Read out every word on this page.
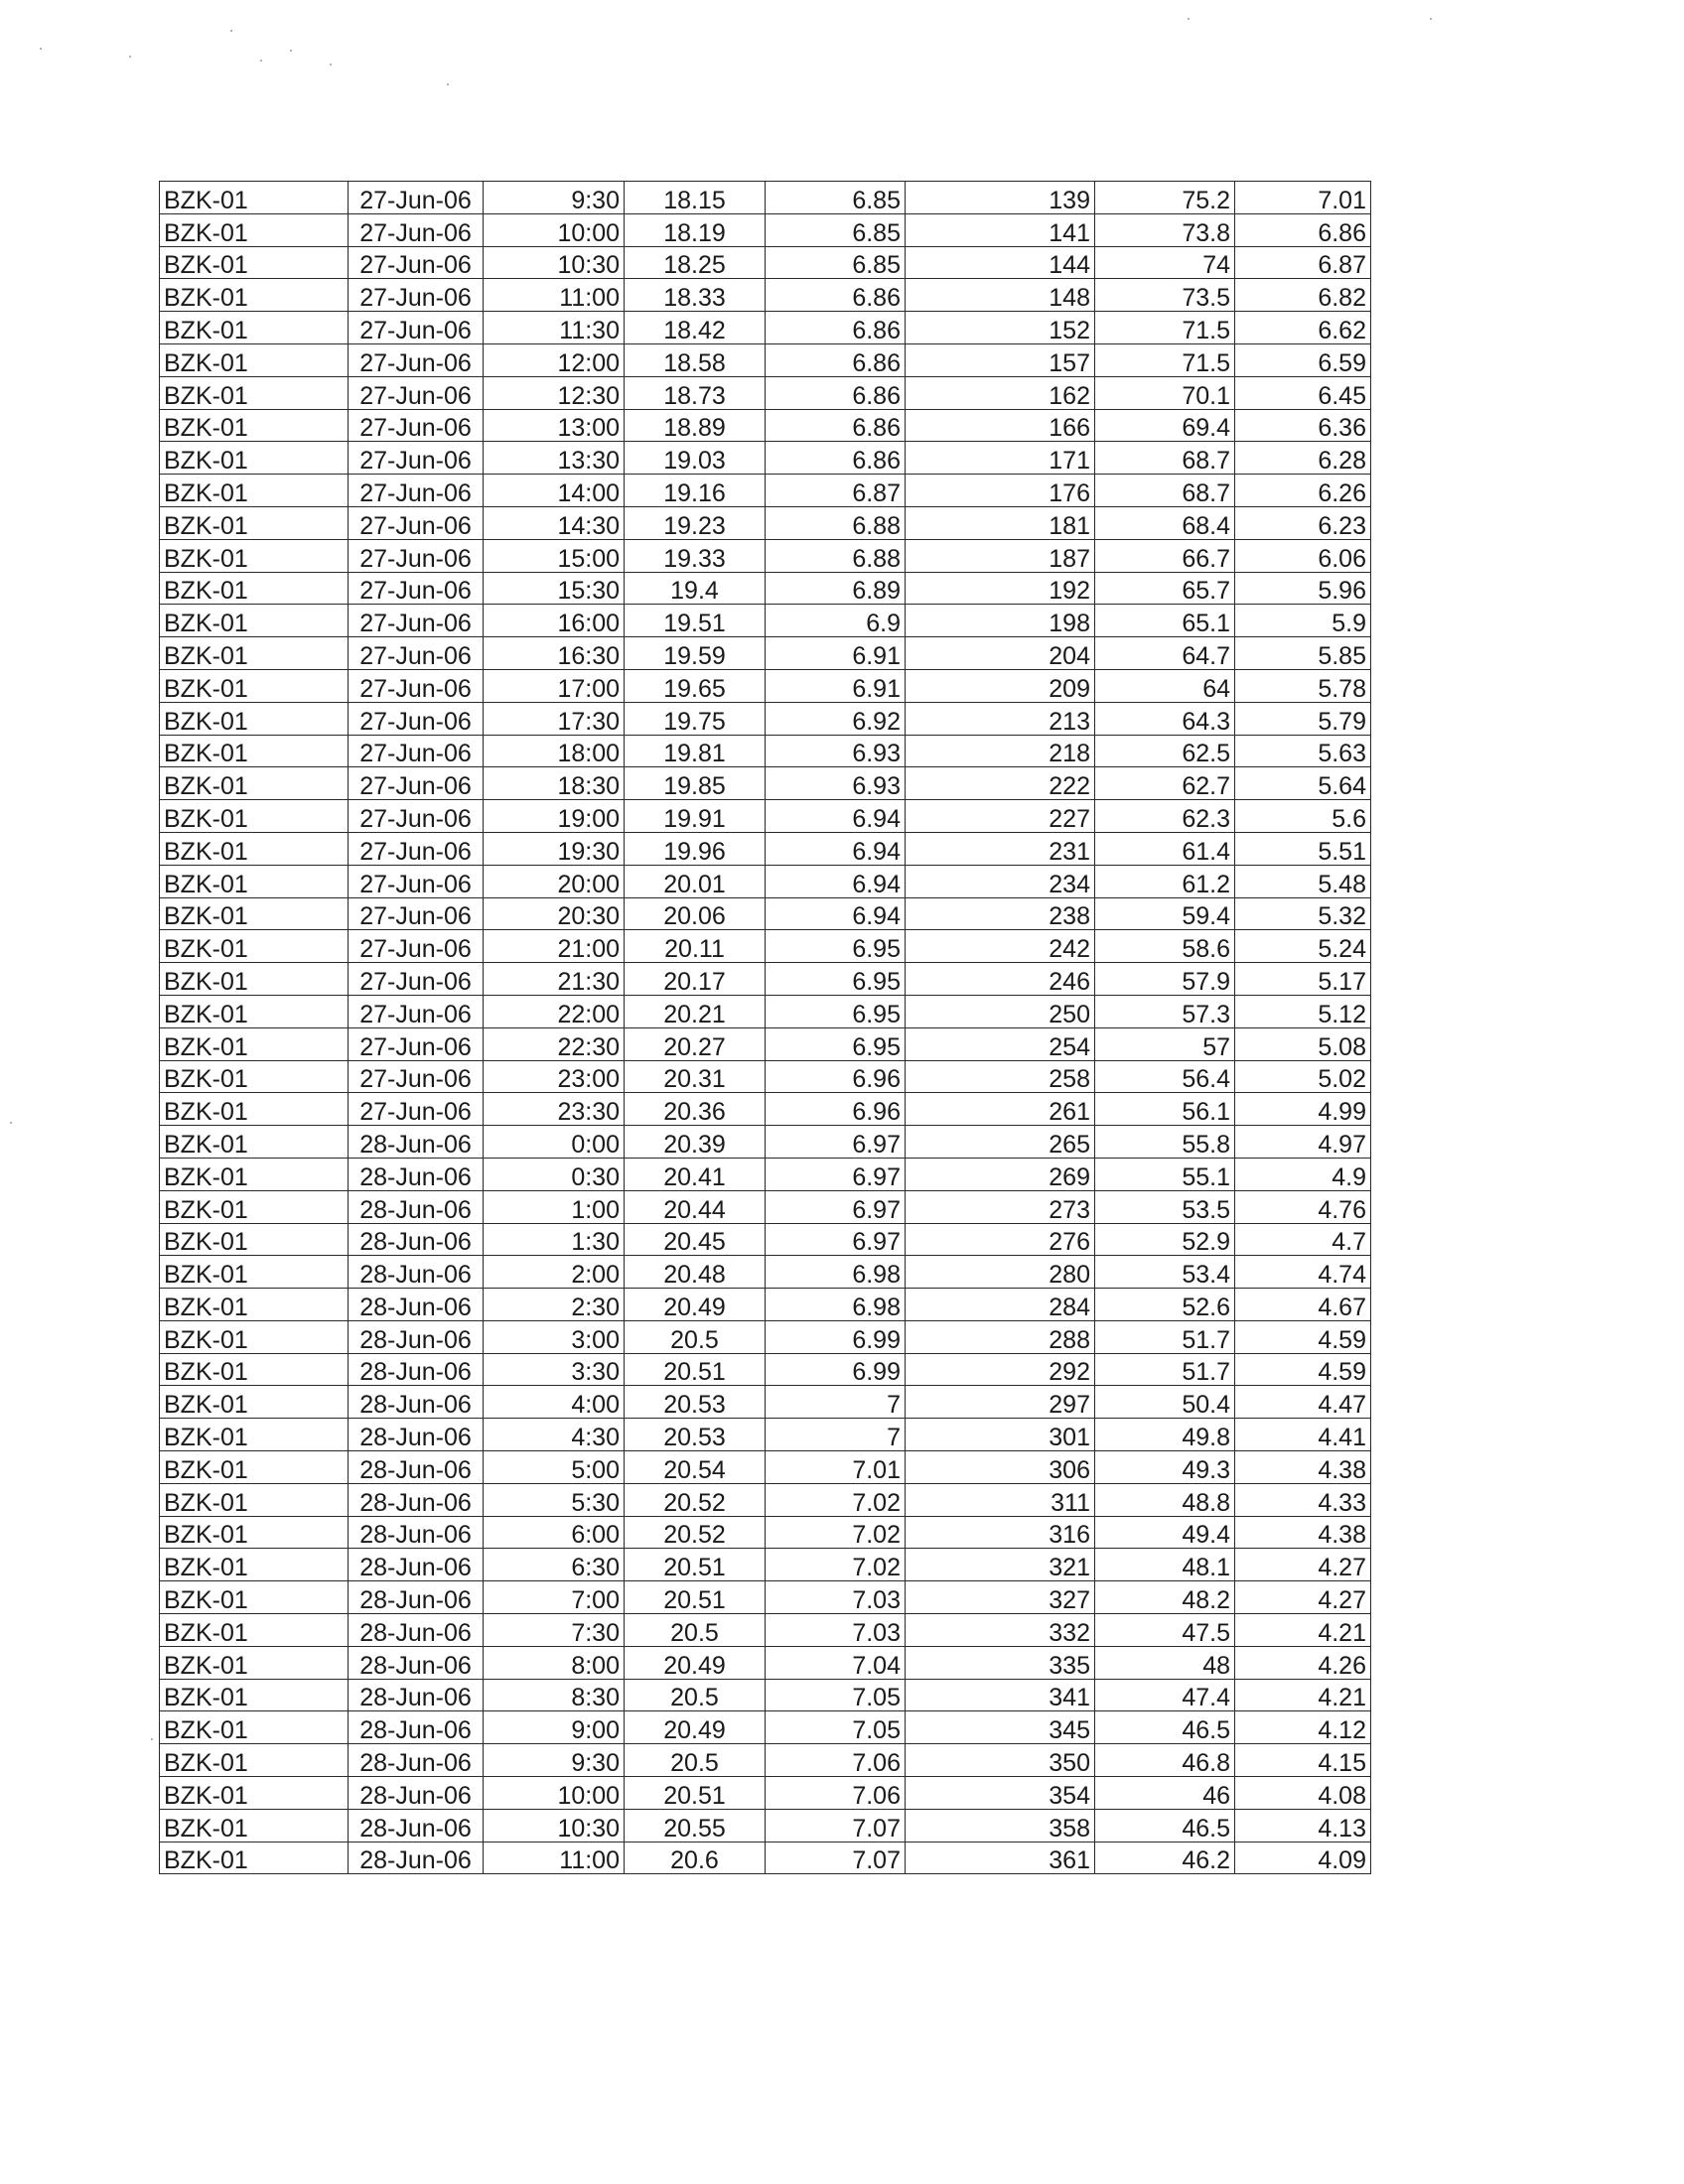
BZK-01	27-Jun-06	9:30	18.15	6.85	139	75.2	7.01
BZK-01	27-Jun-06	10:00	18.19	6.85	141	73.8	6.86
BZK-01	27-Jun-06	10:30	18.25	6.85	144	74	6.87
BZK-01	27-Jun-06	11:00	18.33	6.86	148	73.5	6.82
BZK-01	27-Jun-06	11:30	18.42	6.86	152	71.5	6.62
BZK-01	27-Jun-06	12:00	18.58	6.86	157	71.5	6.59
BZK-01	27-Jun-06	12:30	18.73	6.86	162	70.1	6.45
BZK-01	27-Jun-06	13:00	18.89	6.86	166	69.4	6.36
BZK-01	27-Jun-06	13:30	19.03	6.86	171	68.7	6.28
BZK-01	27-Jun-06	14:00	19.16	6.87	176	68.7	6.26
BZK-01	27-Jun-06	14:30	19.23	6.88	181	68.4	6.23
BZK-01	27-Jun-06	15:00	19.33	6.88	187	66.7	6.06
BZK-01	27-Jun-06	15:30	19.4	6.89	192	65.7	5.96
BZK-01	27-Jun-06	16:00	19.51	6.9	198	65.1	5.9
BZK-01	27-Jun-06	16:30	19.59	6.91	204	64.7	5.85
BZK-01	27-Jun-06	17:00	19.65	6.91	209	64	5.78
BZK-01	27-Jun-06	17:30	19.75	6.92	213	64.3	5.79
BZK-01	27-Jun-06	18:00	19.81	6.93	218	62.5	5.63
BZK-01	27-Jun-06	18:30	19.85	6.93	222	62.7	5.64
BZK-01	27-Jun-06	19:00	19.91	6.94	227	62.3	5.6
BZK-01	27-Jun-06	19:30	19.96	6.94	231	61.4	5.51
BZK-01	27-Jun-06	20:00	20.01	6.94	234	61.2	5.48
BZK-01	27-Jun-06	20:30	20.06	6.94	238	59.4	5.32
BZK-01	27-Jun-06	21:00	20.11	6.95	242	58.6	5.24
BZK-01	27-Jun-06	21:30	20.17	6.95	246	57.9	5.17
BZK-01	27-Jun-06	22:00	20.21	6.95	250	57.3	5.12
BZK-01	27-Jun-06	22:30	20.27	6.95	254	57	5.08
BZK-01	27-Jun-06	23:00	20.31	6.96	258	56.4	5.02
BZK-01	27-Jun-06	23:30	20.36	6.96	261	56.1	4.99
BZK-01	28-Jun-06	0:00	20.39	6.97	265	55.8	4.97
BZK-01	28-Jun-06	0:30	20.41	6.97	269	55.1	4.9
BZK-01	28-Jun-06	1:00	20.44	6.97	273	53.5	4.76
BZK-01	28-Jun-06	1:30	20.45	6.97	276	52.9	4.7
BZK-01	28-Jun-06	2:00	20.48	6.98	280	53.4	4.74
BZK-01	28-Jun-06	2:30	20.49	6.98	284	52.6	4.67
BZK-01	28-Jun-06	3:00	20.5	6.99	288	51.7	4.59
BZK-01	28-Jun-06	3:30	20.51	6.99	292	51.7	4.59
BZK-01	28-Jun-06	4:00	20.53	7	297	50.4	4.47
BZK-01	28-Jun-06	4:30	20.53	7	301	49.8	4.41
BZK-01	28-Jun-06	5:00	20.54	7.01	306	49.3	4.38
BZK-01	28-Jun-06	5:30	20.52	7.02	311	48.8	4.33
BZK-01	28-Jun-06	6:00	20.52	7.02	316	49.4	4.38
BZK-01	28-Jun-06	6:30	20.51	7.02	321	48.1	4.27
BZK-01	28-Jun-06	7:00	20.51	7.03	327	48.2	4.27
BZK-01	28-Jun-06	7:30	20.5	7.03	332	47.5	4.21
BZK-01	28-Jun-06	8:00	20.49	7.04	335	48	4.26
BZK-01	28-Jun-06	8:30	20.5	7.05	341	47.4	4.21
BZK-01	28-Jun-06	9:00	20.49	7.05	345	46.5	4.12
BZK-01	28-Jun-06	9:30	20.5	7.06	350	46.8	4.15
BZK-01	28-Jun-06	10:00	20.51	7.06	354	46	4.08
BZK-01	28-Jun-06	10:30	20.55	7.07	358	46.5	4.13
BZK-01	28-Jun-06	11:00	20.6	7.07	361	46.2	4.09
